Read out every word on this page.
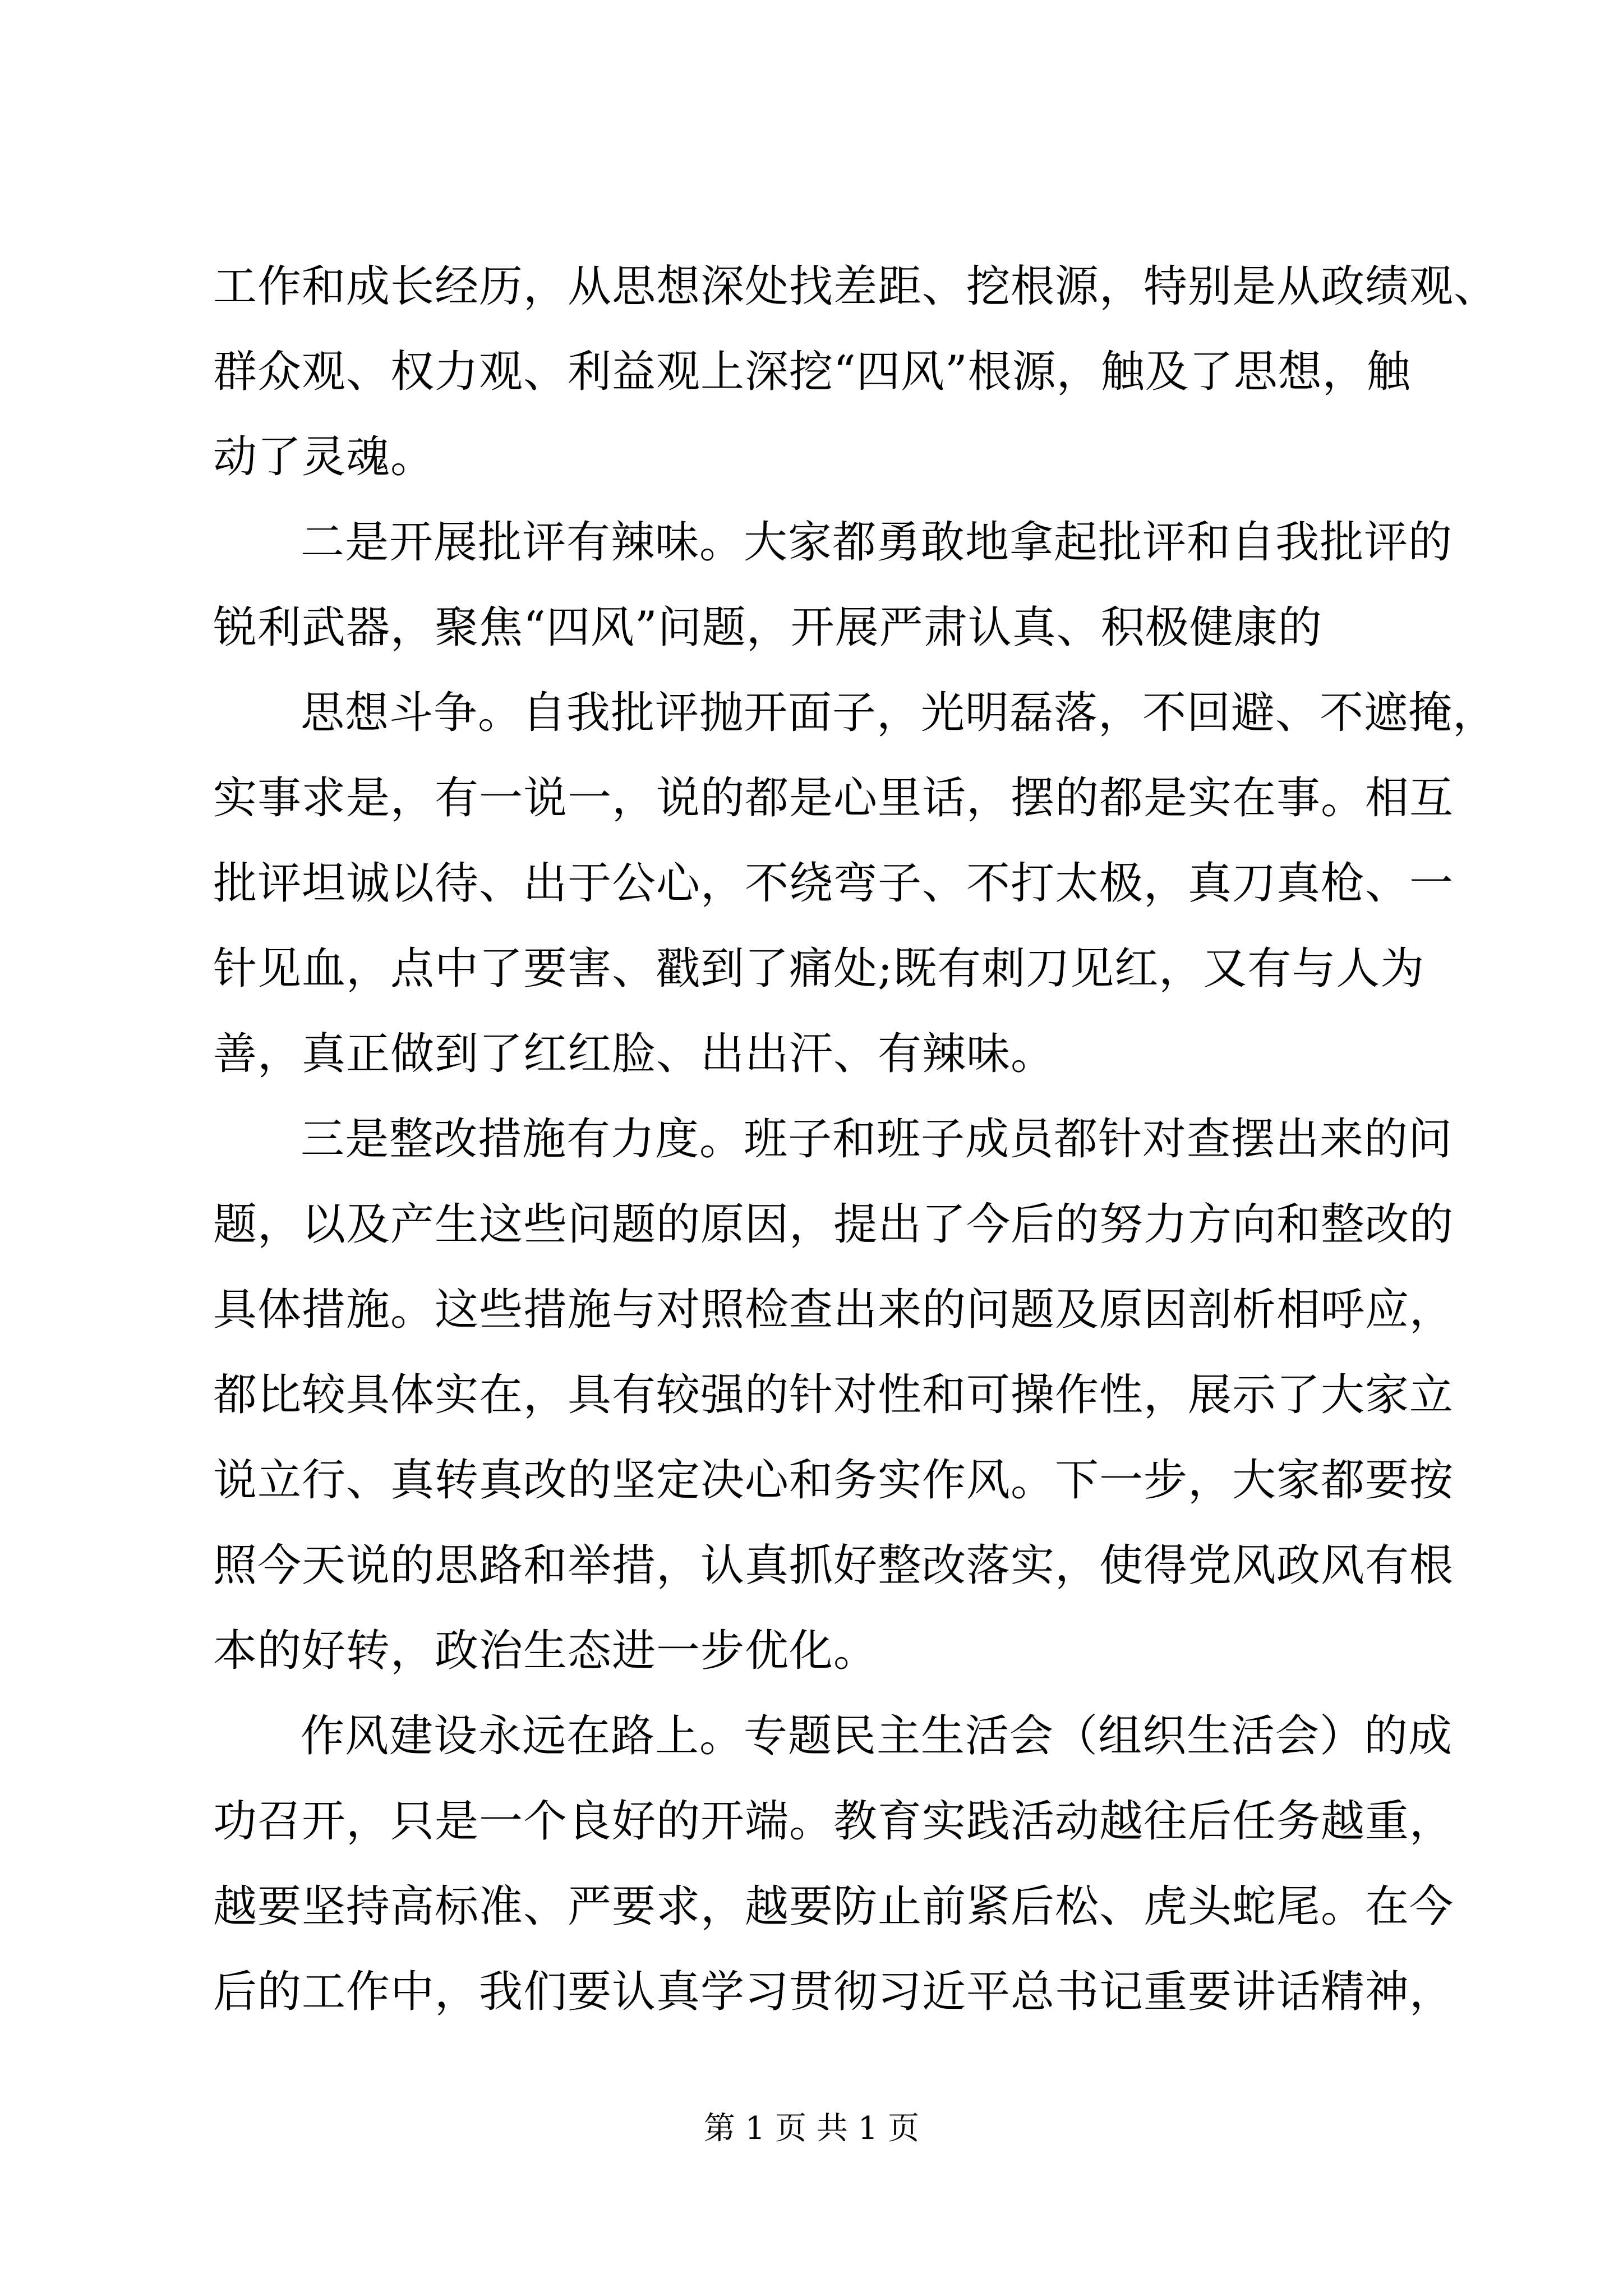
工作和成长经历，从思想深处找差距、挖根源，特别是从政绩观、
群众观、权力观、利益观上深挖“四风”根源，触及了思想，触
动了灵魂。
二是开展批评有辣味。大家都勇敢地拿起批评和自我批评的
锐利武器，聚焦“四风”问题，开展严肃认真、积极健康的
思想斗争。自我批评抛开面子，光明磊落，不回避、不遮掩，
实事求是，有一说一，说的都是心里话，摆的都是实在事。相互
批评坦诚以待、出于公心，不绕弯子、不打太极，真刀真枪、一
针见血，点中了要害、戳到了痛处;既有刺刀见红，又有与人为
善，真正做到了红红脸、出出汗、有辣味。
三是整改措施有力度。班子和班子成员都针对查摆出来的问
题，以及产生这些问题的原因，提出了今后的努力方向和整改的
具体措施。这些措施与对照检查出来的问题及原因剖析相呼应，
都比较具体实在，具有较强的针对性和可操作性，展示了大家立
说立行、真转真改的坚定决心和务实作风。下一步，大家都要按
照今天说的思路和举措，认真抓好整改落实，使得党风政风有根
本的好转，政治生态进一步优化。
作风建设永远在路上。专题民主生活会（组织生活会）的成
功召开，只是一个良好的开端。教育实践活动越往后任务越重，
越要坚持高标准、严要求，越要防止前紧后松、虎头蛇尾。在今
后的工作中，我们要认真学习贯彻习近平总书记重要讲话精神，
第 1 页 共 1 页
